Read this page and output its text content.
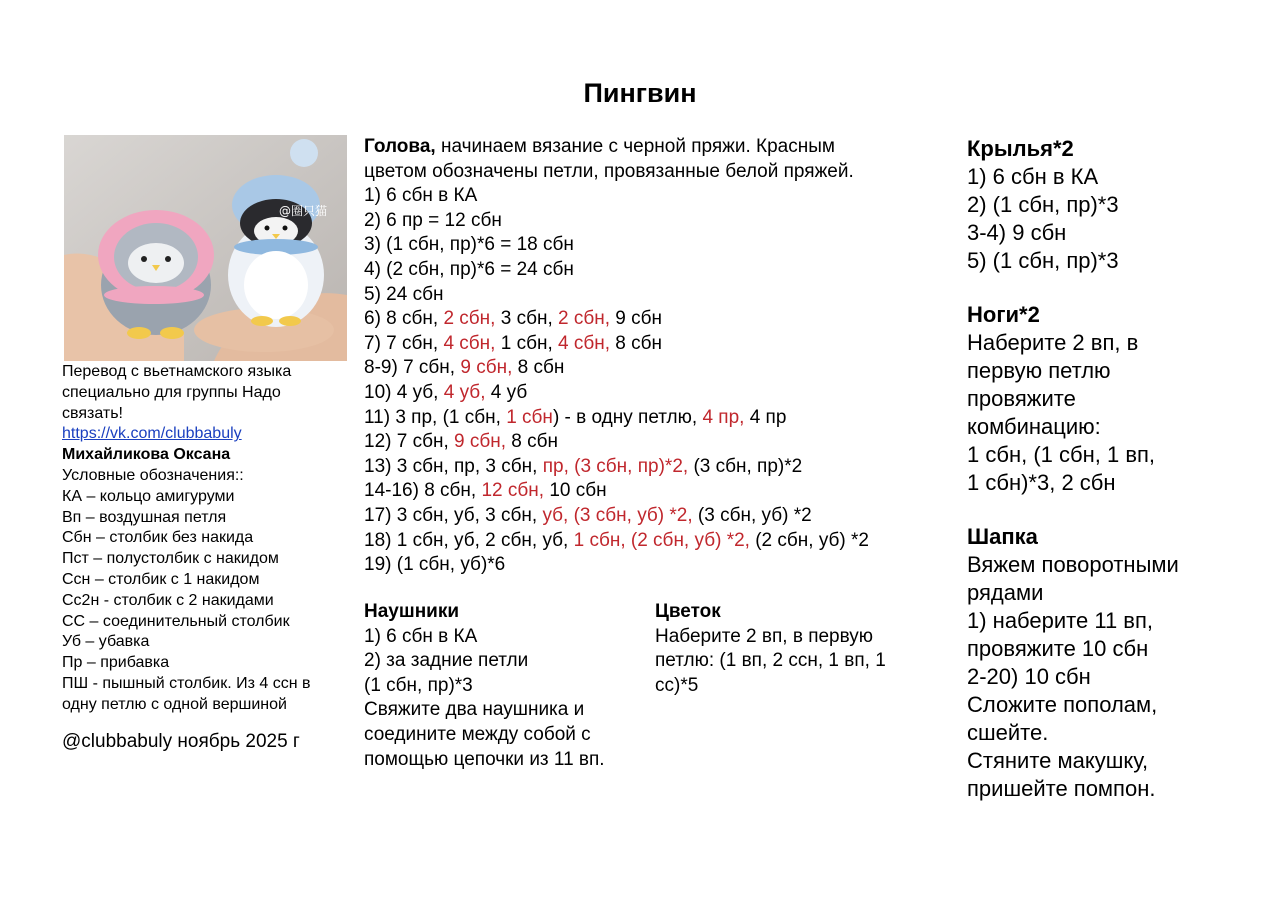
Пингвин
@圈只猫
Перевод с вьетнамского языка
специально для группы Надо
связать!
https://vk.com/clubbabuly
Михайликова Оксана
Условные обозначения::
КА – кольцо амигуруми
Вп – воздушная петля
Сбн – столбик без накида
Пст – полустолбик с накидом
Ссн – столбик с 1 накидом
Сс2н - столбик с 2 накидами
СС – соединительный столбик
Уб – убавка
Пр – прибавка
ПШ - пышный столбик. Из 4 ссн в
одну петлю с одной вершиной
@clubbabuly ноябрь 2025 г
Голова, начинаем вязание с черной пряжи. Красным
цветом обозначены петли, провязанные белой пряжей.
1) 6 сбн в КА
2) 6 пр = 12 сбн
3) (1 сбн, пр)*6 = 18 сбн
4) (2 сбн, пр)*6 = 24 сбн
5) 24 сбн
6) 8 сбн, 2 сбн, 3 сбн, 2 сбн, 9 сбн
7) 7 сбн, 4 сбн, 1 сбн, 4 сбн, 8 сбн
8-9) 7 сбн, 9 сбн, 8 сбн
10) 4 уб, 4 уб, 4 уб
11) 3 пр, (1 сбн, 1 сбн) - в одну петлю, 4 пр, 4 пр
12) 7 сбн, 9 сбн, 8 сбн
13) 3 сбн, пр, 3 сбн, пр, (3 сбн, пр)*2, (3 сбн, пр)*2
14-16) 8 сбн, 12 сбн, 10 сбн
17) 3 сбн, уб, 3 сбн, уб, (3 сбн, уб) *2, (3 сбн, уб) *2
18) 1 сбн, уб, 2 сбн, уб, 1 сбн, (2 сбн, уб) *2, (2 сбн, уб) *2
19) (1 сбн, уб)*6
Наушники
1) 6 сбн в КА
2) за задние петли
(1 сбн, пр)*3
Свяжите два наушника и
соедините между собой с
помощью цепочки из 11 вп.
Цветок
Наберите 2 вп, в первую
петлю: (1 вп, 2 ссн, 1 вп, 1
сс)*5
Крылья*2
1) 6 сбн в КА
2) (1 сбн, пр)*3
3-4) 9 сбн
5) (1 сбн, пр)*3
Ноги*2
Наберите 2 вп, в
первую петлю
провяжите
комбинацию:
1 сбн, (1 сбн, 1 вп,
1 сбн)*3, 2 сбн
Шапка
Вяжем поворотными
рядами
1) наберите 11 вп,
провяжите 10 сбн
2-20) 10 сбн
Сложите пополам,
сшейте.
Стяните макушку,
пришейте помпон.
